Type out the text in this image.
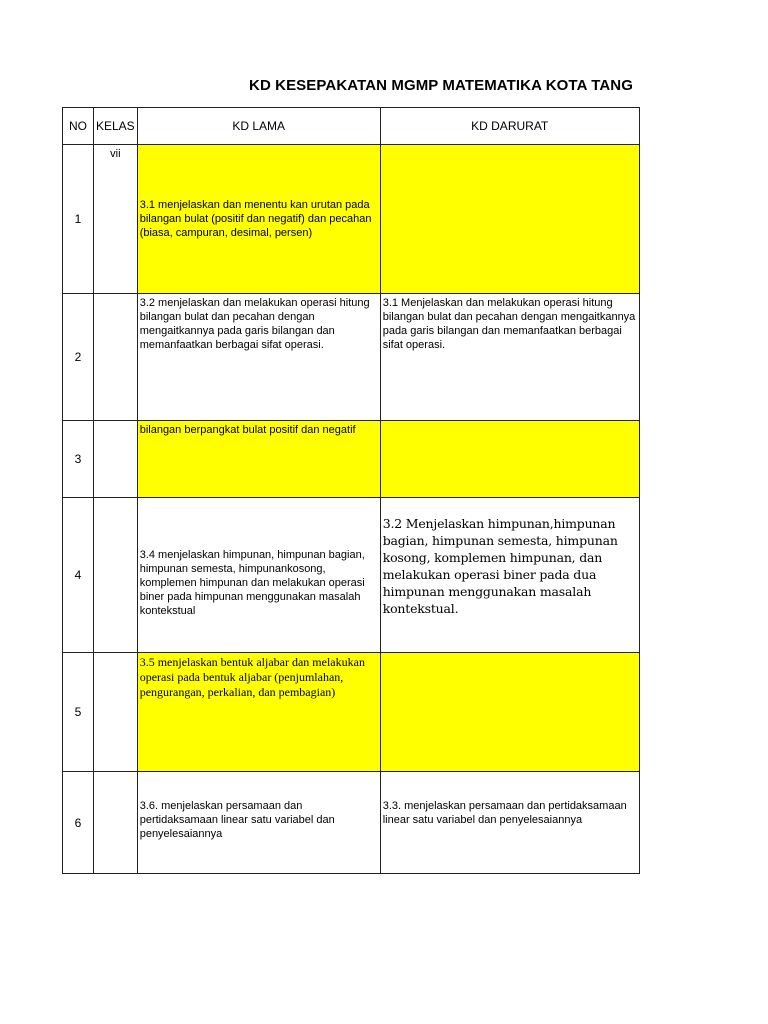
KD KESEPAKATAN MGMP MATEMATIKA KOTA TANG
NO	KELAS	KD LAMA	KD DARURAT
1	vii	3.1 menjelaskan dan menentu kan urutan pada bilangan bulat (positif dan negatif) dan pecahan (biasa, campuran, desimal, persen)	
2		3.2 menjelaskan dan melakukan operasi hitung bilangan bulat dan pecahan dengan mengaitkannya pada garis bilangan dan memanfaatkan berbagai sifat operasi.	3.1 Menjelaskan dan melakukan operasi hitung bilangan bulat dan pecahan dengan mengaitkannya pada garis bilangan dan memanfaatkan berbagai sifat operasi.
3		bilangan berpangkat bulat positif dan negatif	
4		3.4 menjelaskan himpunan, himpunan bagian, himpunan semesta, himpunankosong, komplemen himpunan dan melakukan operasi biner pada himpunan menggunakan masalah kontekstual	3.2 Menjelaskan himpunan,himpunan bagian, himpunan semesta, himpunan kosong, komplemen himpunan, dan melakukan operasi biner pada dua himpunan menggunakan masalah kontekstual.
5		3.5 menjelaskan bentuk aljabar dan melakukan operasi pada bentuk aljabar (penjumlahan, pengurangan, perkalian, dan pembagian)	
6		3.6. menjelaskan persamaan dan pertidaksamaan linear satu variabel dan penyelesaiannya	3.3. menjelaskan persamaan dan pertidaksamaan linear satu variabel dan penyelesaiannya
